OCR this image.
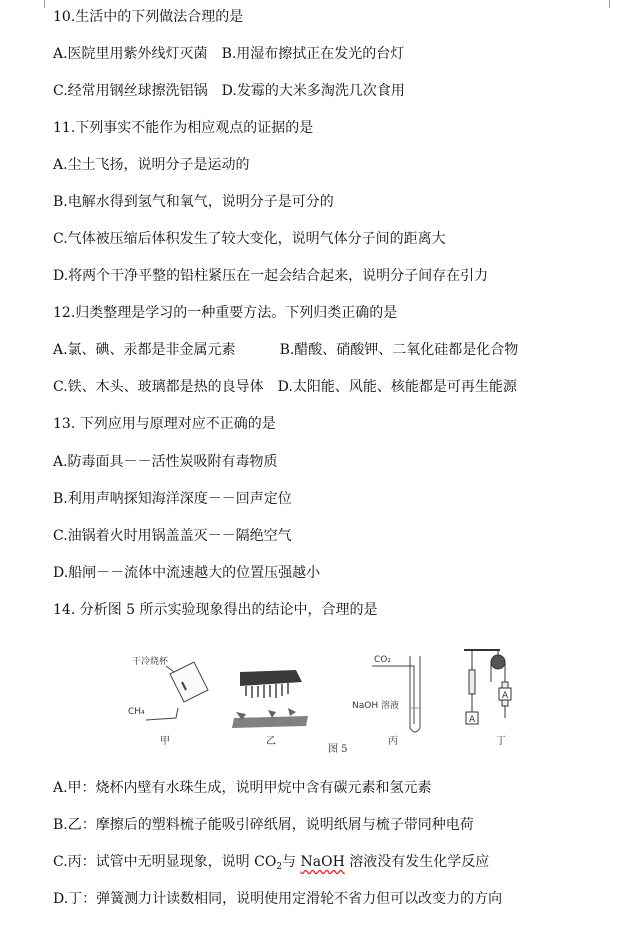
10.生活中的下列做法合理的是
A.医院里用紫外线灯灭菌 B.用湿布擦拭正在发光的台灯
C.经常用钢丝球擦洗铝锅 D.发霉的大米多淘洗几次食用
11.下列事实不能作为相应观点的证据的是
A.尘土飞扬，说明分子是运动的
B.电解水得到氢气和氧气，说明分子是可分的
C.气体被压缩后体积发生了较大变化，说明气体分子间的距离大
D.将两个干净平整的铅柱紧压在一起会结合起来，说明分子间存在引力
12.归类整理是学习的一种重要方法。下列归类正确的是
A.氯、碘、汞都是非金属元素	B.醋酸、硝酸钾、二氧化硅都是化合物
C.铁、木头、玻璃都是热的良导体 D.太阳能、风能、核能都是可再生能源
13. 下列应用与原理对应不正确的是
A.防毒面具－－活性炭吸附有毒物质
B.利用声呐探知海洋深度－－回声定位
C.油锅着火时用锅盖盖灭－－隔绝空气
D.船闸－－流体中流速越大的位置压强越小
14. 分析图 5 所示实验现象得出的结论中，合理的是
干冷烧杯
CH₄
CO₂
NaOH 溶液
A
A
甲	乙	丙	丁
图 5
A.甲：烧杯内壁有水珠生成，说明甲烷中含有碳元素和氢元素
B.乙：摩擦后的塑料梳子能吸引碎纸屑，说明纸屑与梳子带同种电荷
C.丙：试管中无明显现象，说明 $CO_2$与 NaOH 溶液没有发生化学反应
D.丁：弹簧测力计读数相同，说明使用定滑轮不省力但可以改变力的方向
